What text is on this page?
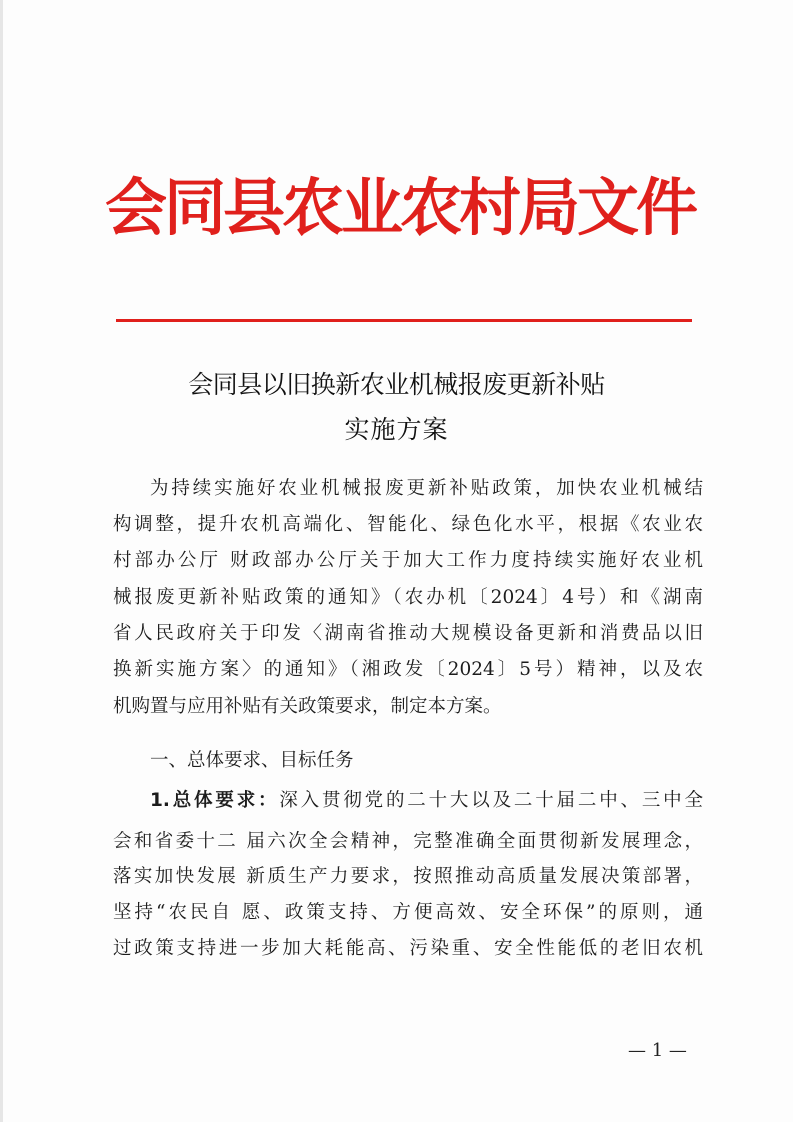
会同县农业农村局文件
会同县以旧换新农业机械报废更新补贴
实施方案
为持续实施好农业机械报废更新补贴政策，加快农业机械结
构调整，提升农机高端化、智能化、绿色化水平，根据《农业农
村部办公厅 财政部办公厅关于加大工作力度持续实施好农业机
械报废更新补贴政策的通知》（农办机〔2024〕4号）和《湖南
省人民政府关于印发〈湖南省推动大规模设备更新和消费品以旧
换新实施方案〉的通知》（湘政发〔2024〕5号）精神，以及农
机购置与应用补贴有关政策要求，制定本方案。
一、总体要求、目标任务
1.总体要求：深入贯彻党的二十大以及二十届二中、三中全
会和省委十二 届六次全会精神，完整准确全面贯彻新发展理念，
落实加快发展 新质生产力要求，按照推动高质量发展决策部署，
坚持“农民自 愿、政策支持、方便高效、安全环保”的原则，通
过政策支持进一步加大耗能高、污染重、安全性能低的老旧农机
— 1 —
